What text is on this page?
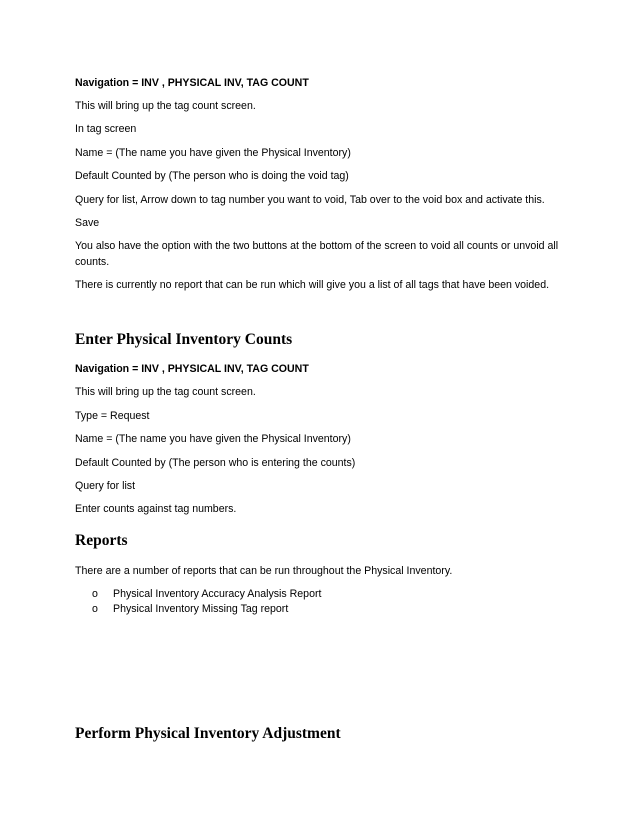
Navigation = INV , PHYSICAL INV, TAG COUNT
This will bring up the tag count screen.
In tag screen
Name = (The name you have given the Physical Inventory)
Default Counted by (The person who is doing the void tag)
Query for list, Arrow down to tag number you want to void, Tab over to the void box and activate this.
Save
You also have the option with the two buttons at the bottom of the screen to void all counts or unvoid all counts.
There is currently no report that can be run which will give you a list of all tags that have been voided.
Enter Physical Inventory Counts
Navigation = INV , PHYSICAL INV, TAG COUNT
This will bring up the tag count screen.
Type = Request
Name = (The name you have given the Physical Inventory)
Default Counted by (The person who is entering the counts)
Query for list
Enter counts against tag numbers.
Reports
There are a number of reports that can be run throughout the Physical Inventory.
o Physical Inventory Accuracy Analysis Report
o Physical Inventory Missing Tag report
Perform Physical Inventory Adjustment
